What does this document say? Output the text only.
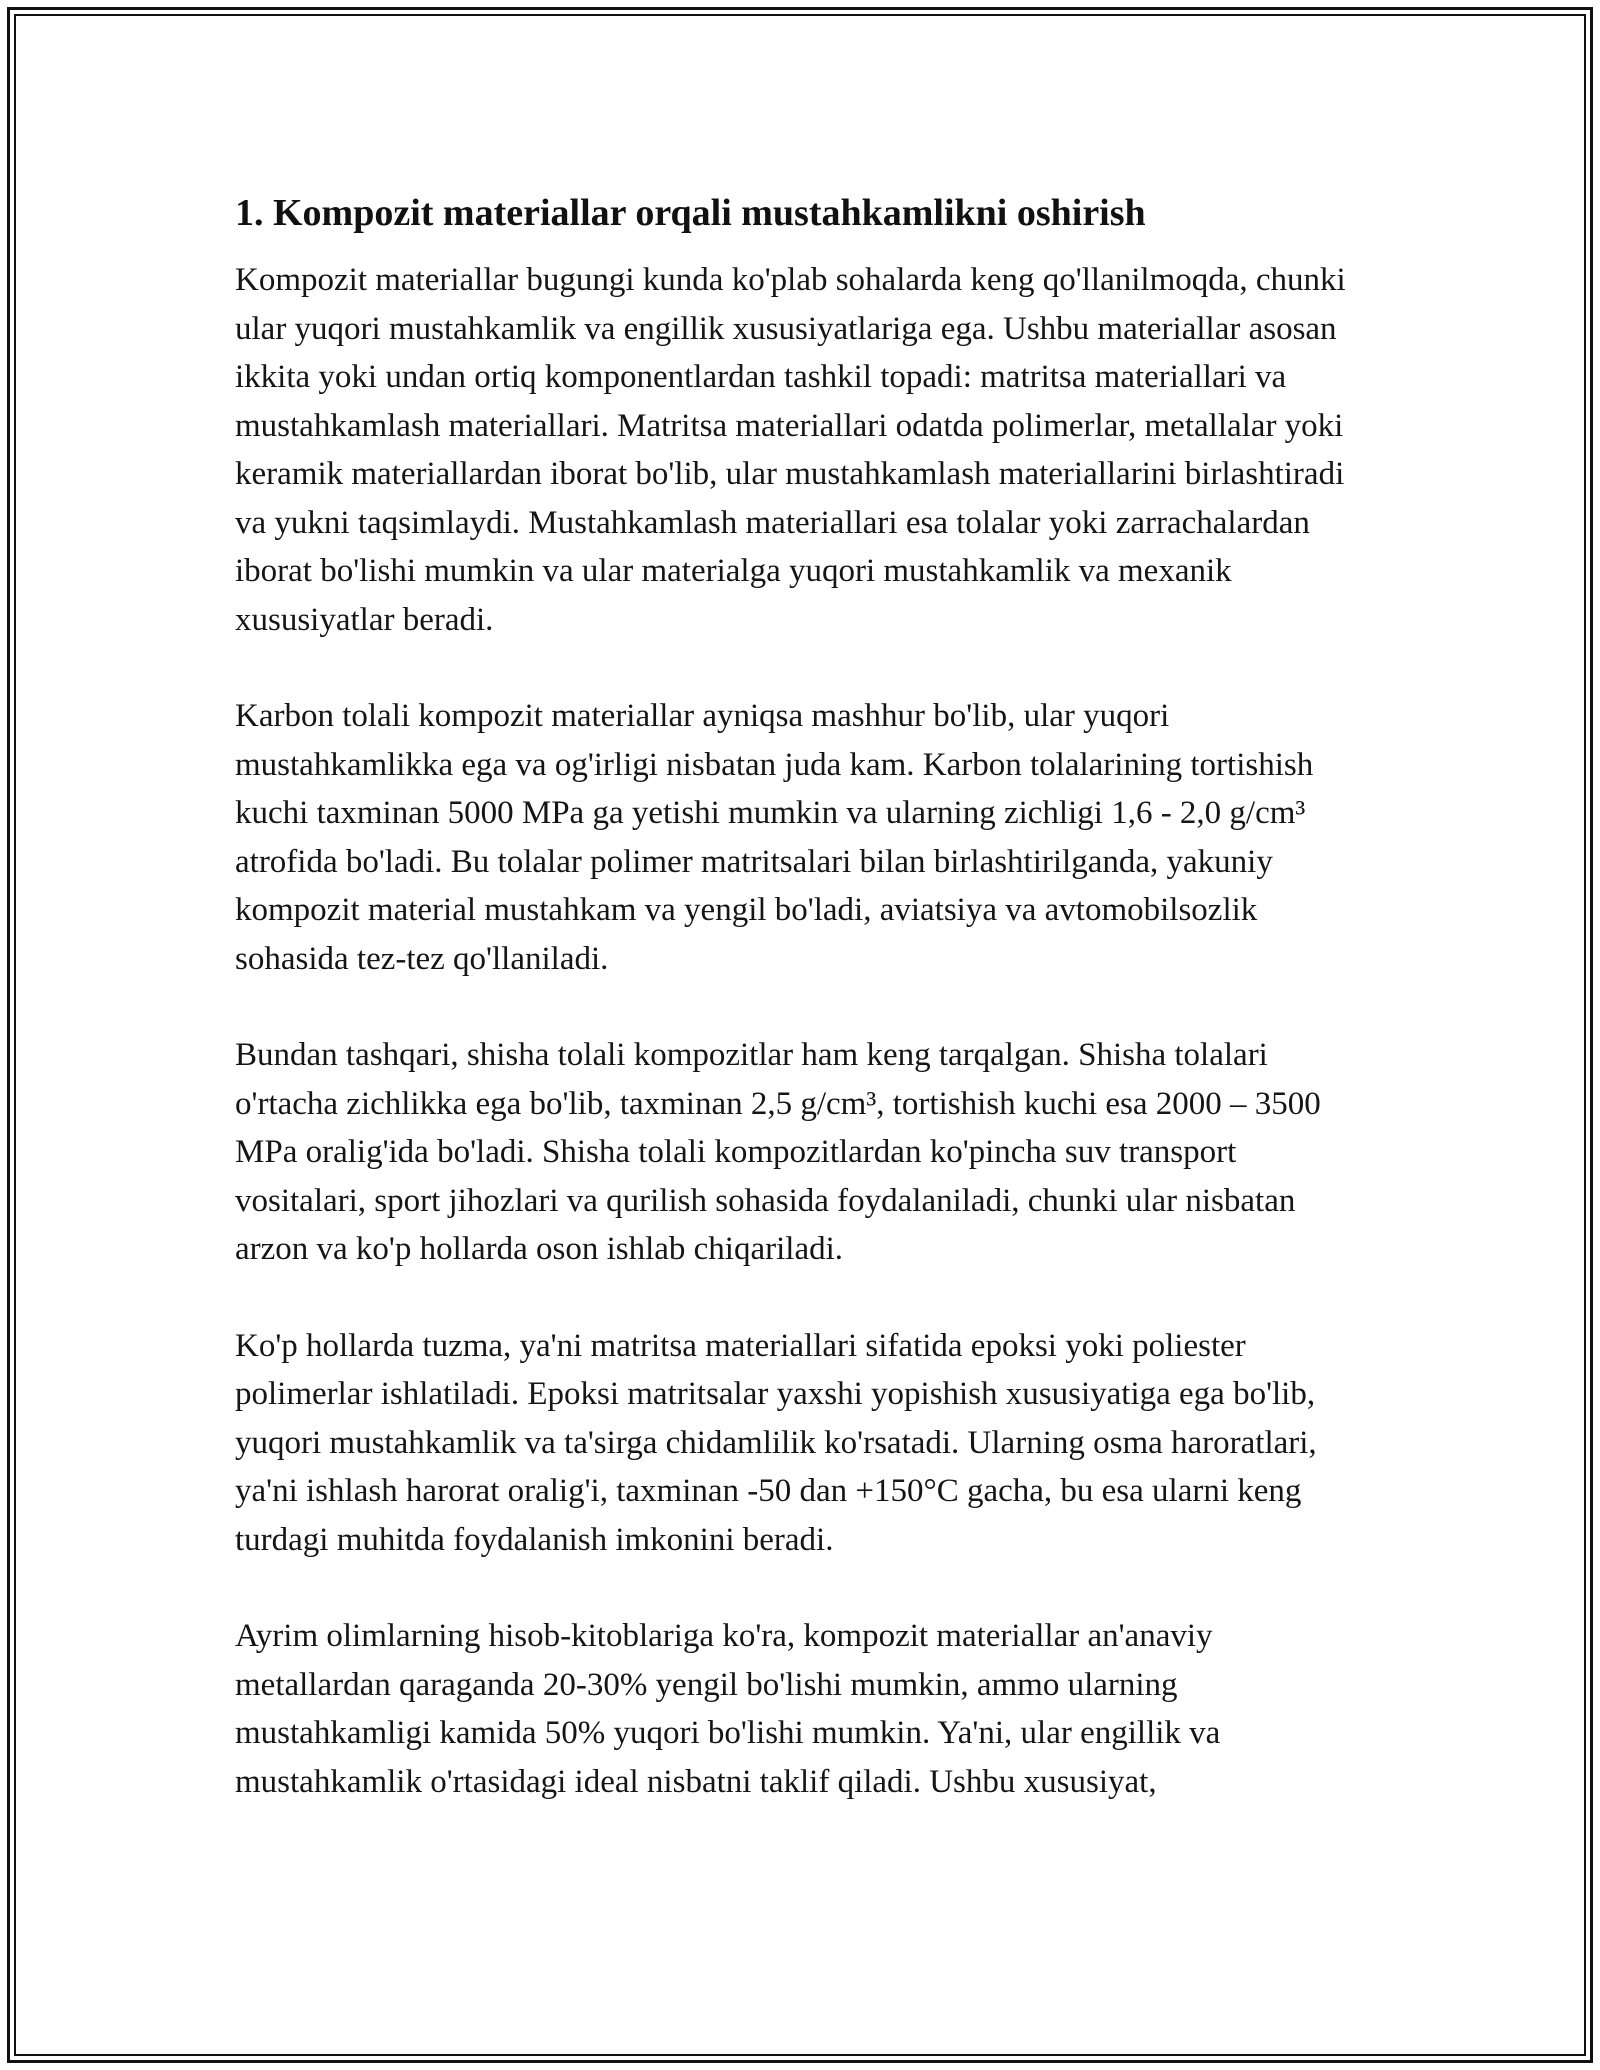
1. Kompozit materiallar orqali mustahkamlikni oshirish

Kompozit materiallar bugungi kunda ko'plab sohalarda keng qo'llanilmoqda, chunki ular yuqori mustahkamlik va engillik xususiyatlariga ega. Ushbu materiallar asosan ikkita yoki undan ortiq komponentlardan tashkil topadi: matritsa materiallari va mustahkamlash materiallari. Matritsa materiallari odatda polimerlar, metallalar yoki keramik materiallardan iborat bo'lib, ular mustahkamlash materiallarini birlashtiradi va yukni taqsimlaydi. Mustahkamlash materiallari esa tolalar yoki zarrachalardan iborat bo'lishi mumkin va ular materialga yuqori mustahkamlik va mexanik xususiyatlar beradi.

Karbon tolali kompozit materiallar ayniqsa mashhur bo'lib, ular yuqori mustahkamlikka ega va og'irligi nisbatan juda kam. Karbon tolalarining tortishish kuchi taxminan 5000 MPa ga yetishi mumkin va ularning zichligi 1,6 - 2,0 g/cm³ atrofida bo'ladi. Bu tolalar polimer matritsalari bilan birlashtirilganda, yakuniy kompozit material mustahkam va yengil bo'ladi, aviatsiya va avtomobilsozlik sohasida tez-tez qo'llaniladi.

Bundan tashqari, shisha tolali kompozitlar ham keng tarqalgan. Shisha tolalari o'rtacha zichlikka ega bo'lib, taxminan 2,5 g/cm³, tortishish kuchi esa 2000 – 3500 MPa oralig'ida bo'ladi. Shisha tolali kompozitlardan ko'pincha suv transport vositalari, sport jihozlari va qurilish sohasida foydalaniladi, chunki ular nisbatan arzon va ko'p hollarda oson ishlab chiqariladi.

Ko'p hollarda tuzma, ya'ni matritsa materiallari sifatida epoksi yoki poliester polimerlar ishlatiladi. Epoksi matritsalar yaxshi yopishish xususiyatiga ega bo'lib, yuqori mustahkamlik va ta'sirga chidamlilik ko'rsatadi. Ularning osma haroratlari, ya'ni ishlash harorat oralig'i, taxminan -50 dan +150°C gacha, bu esa ularni keng turdagi muhitda foydalanish imkonini beradi.

Ayrim olimlarning hisob-kitoblariga ko'ra, kompozit materiallar an'anaviy metallardan qaraganda 20-30% yengil bo'lishi mumkin, ammo ularning mustahkamligi kamida 50% yuqori bo'lishi mumkin. Ya'ni, ular engillik va mustahkamlik o'rtasidagi ideal nisbatni taklif qiladi. Ushbu xususiyat,
